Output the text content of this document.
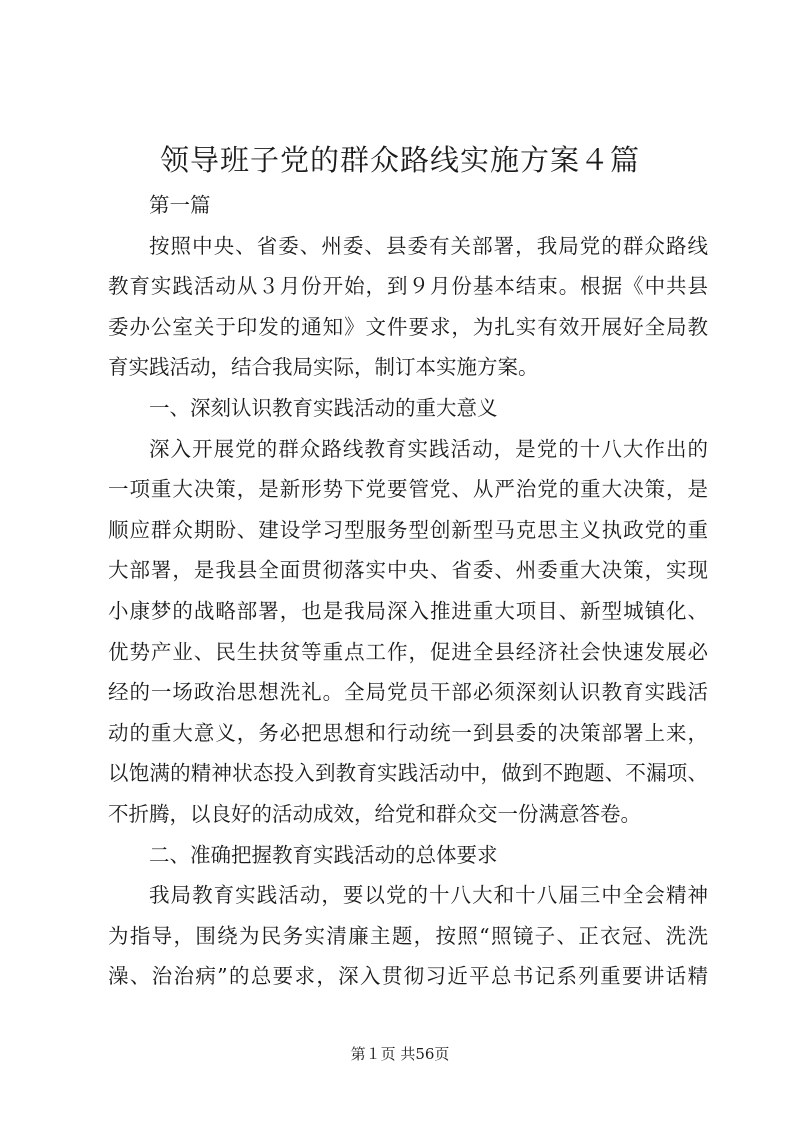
领导班子党的群众路线实施方案４篇
第一篇
按照中央、省委、州委、县委有关部署，我局党的群众路线
教育实践活动从３月份开始，到９月份基本结束。根据《中共县
委办公室关于印发的通知》文件要求，为扎实有效开展好全局教
育实践活动，结合我局实际，制订本实施方案。
一、深刻认识教育实践活动的重大意义
深入开展党的群众路线教育实践活动，是党的十八大作出的
一项重大决策，是新形势下党要管党、从严治党的重大决策，是
顺应群众期盼、建设学习型服务型创新型马克思主义执政党的重
大部署，是我县全面贯彻落实中央、省委、州委重大决策，实现
小康梦的战略部署，也是我局深入推进重大项目、新型城镇化、
优势产业、民生扶贫等重点工作，促进全县经济社会快速发展必
经的一场政治思想洗礼。全局党员干部必须深刻认识教育实践活
动的重大意义，务必把思想和行动统一到县委的决策部署上来，
以饱满的精神状态投入到教育实践活动中，做到不跑题、不漏项、
不折腾，以良好的活动成效，给党和群众交一份满意答卷。
二、准确把握教育实践活动的总体要求
我局教育实践活动，要以党的十八大和十八届三中全会精神
为指导，围绕为民务实清廉主题，按照“照镜子、正衣冠、洗洗
澡、治治病”的总要求，深入贯彻习近平总书记系列重要讲话精
第１页 共56页
